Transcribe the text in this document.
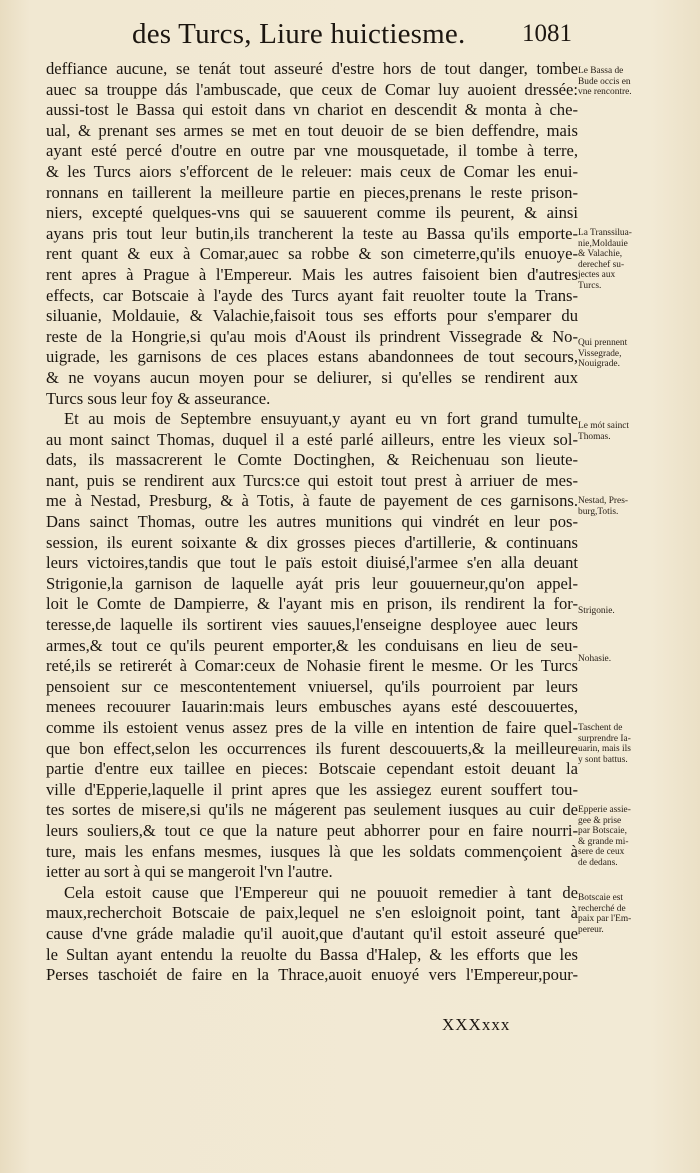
des Turcs, Liure huictiesme. 1081
deffiance aucune, se tenát tout asseuré d'estre hors de tout danger, tombe
auec sa trouppe dás l'ambuscade, que ceux de Comar luy auoient dressée:
aussi-tost le Bassa qui estoit dans vn chariot en descendit & monta à che-
ual, & prenant ses armes se met en tout deuoir de se bien deffendre, mais
ayant esté percé d'outre en outre par vne mousquetade, il tombe à terre,
& les Turcs aiors s'efforcent de le releuer: mais ceux de Comar les enui-
ronnans en taillerent la meilleure partie en pieces,prenans le reste prison-
niers, excepté quelques-vns qui se sauuerent comme ils peurent, & ainsi
ayans pris tout leur butin,ils trancherent la teste au Bassa qu'ils emporte-
rent quant & eux à Comar,auec sa robbe & son cimeterre,qu'ils enuoye-
rent apres à Prague à l'Empereur. Mais les autres faisoient bien d'autres
effects, car Botscaie à l'ayde des Turcs ayant fait reuolter toute la Trans-
siluanie, Moldauie, & Valachie,faisoit tous ses efforts pour s'emparer du
reste de la Hongrie,si qu'au mois d'Aoust ils prindrent Vissegrade & No-
uigrade, les garnisons de ces places estans abandonnees de tout secours,
& ne voyans aucun moyen pour se deliurer, si qu'elles se rendirent aux
Turcs sous leur foy & asseurance.
Et au mois de Septembre ensuyuant,y ayant eu vn fort grand tumulte
au mont sainct Thomas, duquel il a esté parlé ailleurs, entre les vieux sol-
dats, ils massacrerent le Comte Doctinghen, & Reichenuau son lieute-
nant, puis se rendirent aux Turcs:ce qui estoit tout prest à arriuer de mes-
me à Nestad, Presburg, & à Totis, à faute de payement de ces garnisons.
Dans sainct Thomas, outre les autres munitions qui vindrét en leur pos-
session, ils eurent soixante & dix grosses pieces d'artillerie, & continuans
leurs victoires,tandis que tout le païs estoit diuisé,l'armee s'en alla deuant
Strigonie,la garnison de laquelle ayát pris leur gouuerneur,qu'on appel-
loit le Comte de Dampierre, & l'ayant mis en prison, ils rendirent la for-
teresse,de laquelle ils sortirent vies sauues,l'enseigne desployee auec leurs
armes,& tout ce qu'ils peurent emporter,& les conduisans en lieu de seu-
reté,ils se retirerét à Comar:ceux de Nohasie firent le mesme. Or les Turcs
pensoient sur ce mescontentement vniuersel, qu'ils pourroient par leurs
menees recouurer Iauarin:mais leurs embusches ayans esté descouuertes,
comme ils estoient venus assez pres de la ville en intention de faire quel-
que bon effect,selon les occurrences ils furent descouuerts,& la meilleure
partie d'entre eux taillee en pieces: Botscaie cependant estoit deuant la
ville d'Epperie,laquelle il print apres que les assiegez eurent souffert tou-
tes sortes de misere,si qu'ils ne mágerent pas seulement iusques au cuir de
leurs souliers,& tout ce que la nature peut abhorrer pour en faire nourri-
ture, mais les enfans mesmes, iusques là que les soldats commençoient à
ietter au sort à qui se mangeroit l'vn l'autre.
Cela estoit cause que l'Empereur qui ne pouuoit remedier à tant de
maux,recherchoit Botscaie de paix,lequel ne s'en esloignoit point, tant à
cause d'vne gráde maladie qu'il auoit,que d'autant qu'il estoit asseuré que
le Sultan ayant entendu la reuolte du Bassa d'Halep, & les efforts que les
Perses taschoiét de faire en la Thrace,auoit enuoyé vers l'Empereur,pour-
Le Bassa de
Bude occis en
vne rencontre.
La Transsilua-
nie,Moldauie
& Valachie,
derechef su-
jectes aux
Turcs.
Qui prennent
Vissegrade,
Nouigrade.
Le mót sainct
Thomas.
Nestad, Pres-
burg,Totis.
Strigonie.
Nohasie.
Taschent de
surprendre Ia-
uarin, mais ils
y sont battus.
Epperie assie-
gee & prise
par Botscaie,
& grande mi-
sere de ceux
de dedans.
Botscaie est
recherché de
paix par l'Em-
pereur.
XXXxxx
